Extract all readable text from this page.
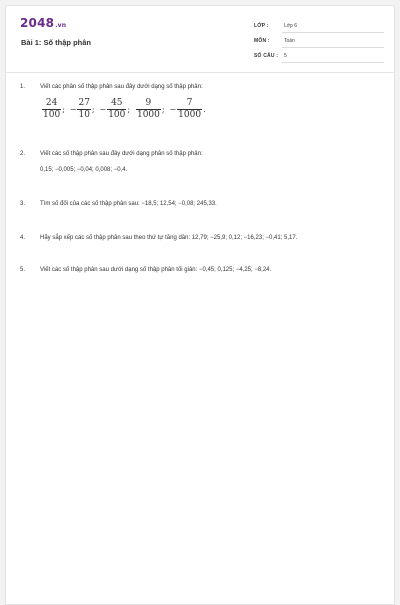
2048.vn
Bài 1: Số thập phân
LỚP :	Lớp 6
MÔN :	Toán
SỐ CÂU : 5
1. Viết các phân số thập phân sau đây dưới dạng số thập phân:
$\frac{24}{100}$ ; − $\frac{27}{10}$ ; − $\frac{45}{100}$ ; $\frac{9}{1000}$ ; − $\frac{7}{1000}$ .
2. Viết các số thập phân sau đây dưới dạng phân số thập phân:
0,15; −0,005; −0,04; 0,008; −0,4.
3. Tìm số đối của các số thập phân sau: −18,5; 12,54; −0,08; 245,33.
4. Hãy sắp xếp các số thập phân sau theo thứ tự tăng dần: 12,79; −25,9; 0,12; −16,23; −0,41; 5,17.
5. Viết các số thập phân sau dưới dạng số thập phân tối giản: −0,45; 0,125; −4,25; −8,24.
